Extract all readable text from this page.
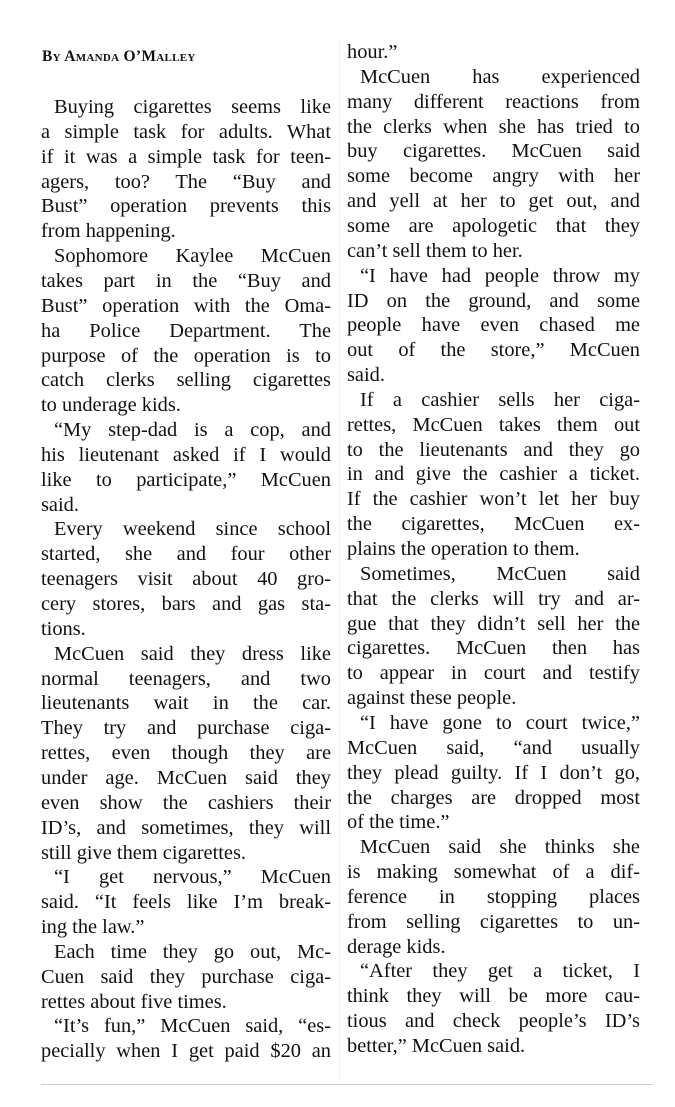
By Amanda O’Malley
Buying cigarettes seems like
a simple task for adults. What
if it was a simple task for teen-
agers, too? The “Buy and
Bust” operation prevents this
from happening.
Sophomore Kaylee McCuen
takes part in the “Buy and
Bust” operation with the Oma-
ha Police Department. The
purpose of the operation is to
catch clerks selling cigarettes
to underage kids.
“My step-dad is a cop, and
his lieutenant asked if I would
like to participate,” McCuen
said.
Every weekend since school
started, she and four other
teenagers visit about 40 gro-
cery stores, bars and gas sta-
tions.
McCuen said they dress like
normal teenagers, and two
lieutenants wait in the car.
They try and purchase ciga-
rettes, even though they are
under age. McCuen said they
even show the cashiers their
ID’s, and sometimes, they will
still give them cigarettes.
“I get nervous,” McCuen
said. “It feels like I’m break-
ing the law.”
Each time they go out, Mc-
Cuen said they purchase ciga-
rettes about five times.
“It’s fun,” McCuen said, “es-
pecially when I get paid $20 an
hour.”
McCuen has experienced
many different reactions from
the clerks when she has tried to
buy cigarettes. McCuen said
some become angry with her
and yell at her to get out, and
some are apologetic that they
can’t sell them to her.
“I have had people throw my
ID on the ground, and some
people have even chased me
out of the store,” McCuen
said.
If a cashier sells her ciga-
rettes, McCuen takes them out
to the lieutenants and they go
in and give the cashier a ticket.
If the cashier won’t let her buy
the cigarettes, McCuen ex-
plains the operation to them.
Sometimes, McCuen said
that the clerks will try and ar-
gue that they didn’t sell her the
cigarettes. McCuen then has
to appear in court and testify
against these people.
“I have gone to court twice,”
McCuen said, “and usually
they plead guilty. If I don’t go,
the charges are dropped most
of the time.”
McCuen said she thinks she
is making somewhat of a dif-
ference in stopping places
from selling cigarettes to un-
derage kids.
“After they get a ticket, I
think they will be more cau-
tious and check people’s ID’s
better,” McCuen said.
